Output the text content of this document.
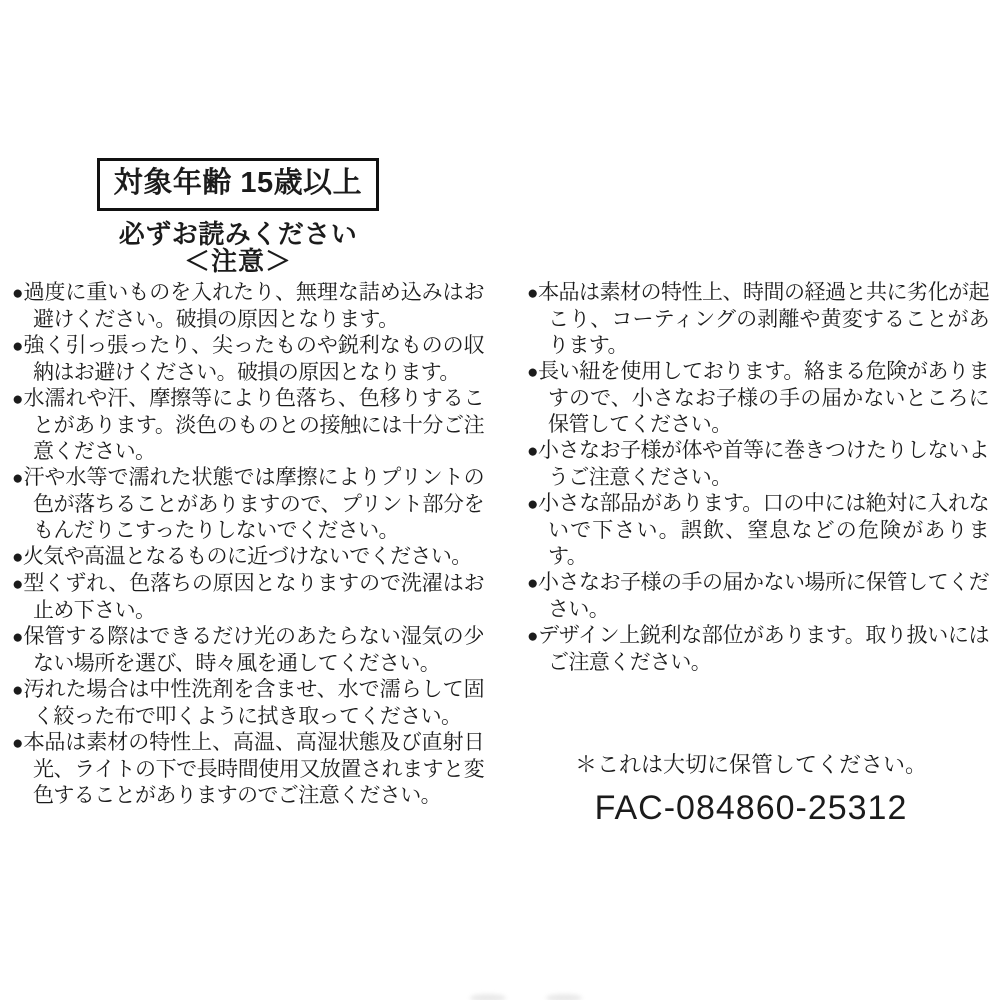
対象年齢 15歳以上
必ずお読みください
＜注意＞
●過度に重いものを入れたり、無理な詰め込みはお避けください。破損の原因となります。
●強く引っ張ったり、尖ったものや鋭利なものの収納はお避けください。破損の原因となります。
●水濡れや汗、摩擦等により色落ち、色移りすることがあります。淡色のものとの接触には十分ご注意ください。
●汗や水等で濡れた状態では摩擦によりプリントの色が落ちることがありますので、プリント部分をもんだりこすったりしないでください。
●火気や高温となるものに近づけないでください。
●型くずれ、色落ちの原因となりますので洗濯はお止め下さい。
●保管する際はできるだけ光のあたらない湿気の少ない場所を選び、時々風を通してください。
●汚れた場合は中性洗剤を含ませ、水で濡らして固く絞った布で叩くように拭き取ってください。
●本品は素材の特性上、高温、高湿状態及び直射日光、ライトの下で長時間使用又放置されますと変色することがありますのでご注意ください。
●本品は素材の特性上、時間の経過と共に劣化が起こり、コーティングの剥離や黄変することがあります。
●長い紐を使用しております。絡まる危険がありますので、小さなお子様の手の届かないところに保管してください。
●小さなお子様が体や首等に巻きつけたりしないようご注意ください。
●小さな部品があります。口の中には絶対に入れないで下さい。誤飲、窒息などの危険があります。
●小さなお子様の手の届かない場所に保管してください。
●デザイン上鋭利な部位があります。取り扱いにはご注意ください。
＊これは大切に保管してください。
FAC-084860-25312
